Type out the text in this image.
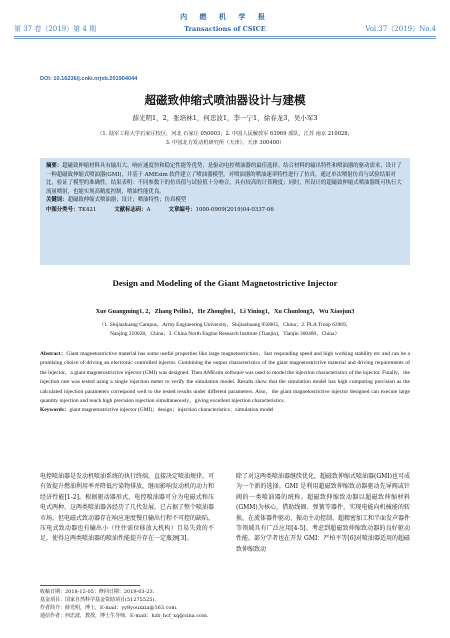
第 37 卷（2019）第 4 期
内 燃 机 学 报
Transactions of CSICE	Vol.37（2019）No.4
DOI: 10.16236/j.cnki.nrjxb.201904044
超磁致伸缩式喷油器设计与建模
薛光明1，2，张培林1，何忠波1，李一宁1，徐春龙3，吴小军3
（1. 陆军工程大学石家庄校区，河北 石家庄 050003；2. 中国人民解放军 63969 部队，江苏 南京 210028；
3. 中国北方发动机研究所（天津），天津 300400）
摘要：超磁致伸缩材料具有输出大、响应速度快和稳定性能等优势，是驱动电控喷油器的最佳选择。结合材料的输出特性和喷油器的驱动需求，设计了一种超磁致伸缩式喷油器(GMI)，并基于 AMEsim 软件建立了喷油器模型。对喷油器的喷油速率特性进行了仿真，通过单次喷射仿真与试验结果对比，验证了模型的准确性。结果表明：不同参数下的仿真值与试验值十分吻合，具有较高的计算精度；同时，所设计的超磁致伸缩式喷油器既可执行大流量喷射，也能实现高精度控制，喷油性能优良。
关键词：超磁致伸缩式喷油器；设计；喷油特性；仿真模型
中图分类号：TK421	文献标志码：A	文章编号：1000-0909(2019)04-0337-06
Design and Modeling of the Giant Magnetostrictive Injector
Xue Guangming1, 2，Zhang Peilin1，He Zhongbo1，Li Yining1，Xu Chunlong3，Wu Xiaojun3
（1. Shijiazhuang Campus，Army Engineering University，Shijiazhuang 050003，China；2. PLA Troop 63969，
Nanjing 210028，China；3. China North Engine Research Institute (Tianjin)，Tianjin 300400，China）
Abstract：Giant magnetostrictive material has some useful properties like large magnetostriction，fast responding speed and high working stability etc and can be a promising choice of driving an electronic controlled injector. Combining the output characteristics of the giant magnetostrictive material and driving requirements of the injector，a giant magnetostrictive injector (GMI) was designed. Then AMEsim software was used to model the injection characteristics of the injector. Finally，the injection rate was tested using a single injection meter to verify the simulation model. Results show that the simulation model has high computing precision as the calculated injection parameters correspond well to the tested results under different parameters. Also，the giant magnetostrictive injector designed can execute large quantity injection and reach high precision injection simultaneously，giving excellent injection characteristics.
Keywords：giant magnetostrictive injector (GMI)；design；injection characteristics；simulation model
电控喷油器是发动机喷油系统的执行终端，直接决定喷油规律，可有效提升燃油利用率并降低污染物排放，继而影响发动机的动力和经济性能[1-2]。根据驱动器形式，电控喷油器可分为电磁式和压电式两种，这两类喷油器各经历了几代发展，已占据了整个喷油器市场。但电磁式致动器存在响应速度慢且输出行程不可控的缺陷，压电式致动器也有输出小（往往需位移放大机构）且易失效的不足，使得这两类喷油器的喷油性能提升存在一定瓶颈[3]。
除了对这两类喷油器继续优化，超磁致伸缩式喷油器(GMI)也可成为一个新的选择。GMI 是利用超磁致伸缩致动器驱动先导阀或针阀的一类喷油器的统称。超磁致伸缩致动器以超磁致伸缩材料(GMM)为核心，借助线圈、弹簧等器件，实现电能向机械能的转换，在流体器件驱动、振动主动控制、超精密加工和半面发声器件等领域具有广泛应用[4-5]。考虑到超磁致伸缩致动器的良好驱动性能，部分学者也在开发 GMI：严柏平等[6]对喷油器适用的超磁致伸缩致动
收稿日期：2018-12-05；修回日期：2019-03-23.
基金项目：国家自然科学基金资助项目(51275525).
作者简介：薛光明，博士，E-mail：yy8youxxia@163.com.
通信作者：何忠波，教授，博士生导师，E-mail：hzb_hcf_xq@sina.com.
